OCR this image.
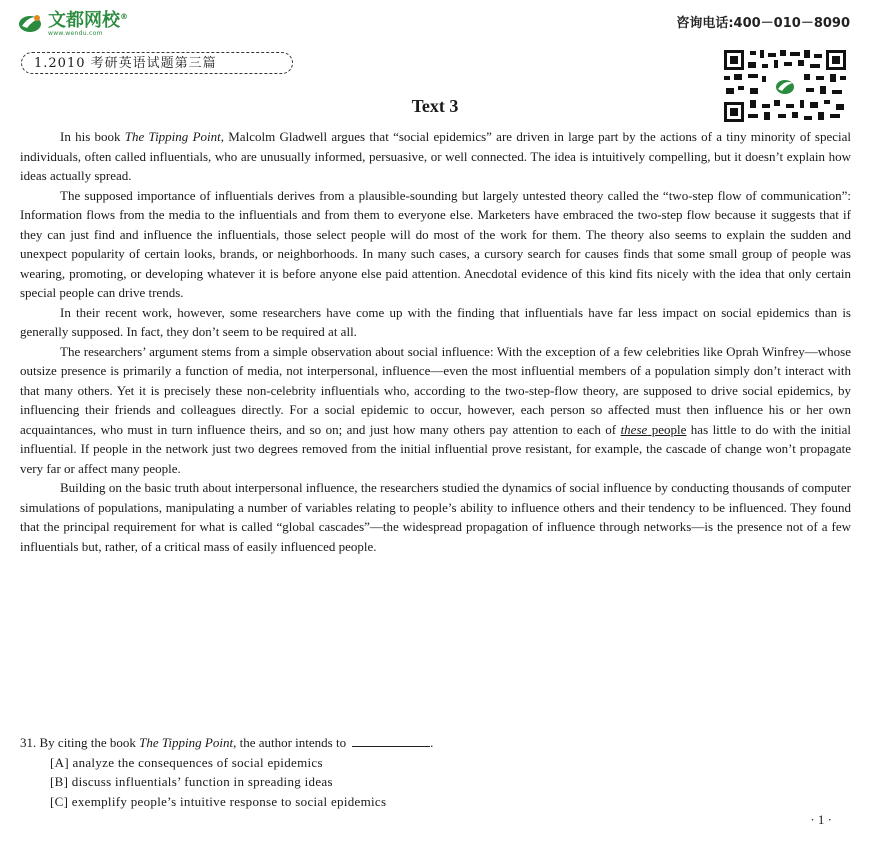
文都网校®
www.wendu.com
咨询电话:400－010－8090
1.2010 考研英语试题第三篇
Text 3

In his book The Tipping Point, Malcolm Gladwell argues that “social epidemics” are driven in large part by the actions of a tiny minority of special individuals, often called influentials, who are unusually informed, persuasive, or well connected. The idea is intuitively compelling, but it doesn’t explain how ideas actually spread.

The supposed importance of influentials derives from a plausible-sounding but largely untested theory called the “two-step flow of communication”: Information flows from the media to the influentials and from them to everyone else. Marketers have embraced the two-step flow because it suggests that if they can just find and influence the influentials, those select people will do most of the work for them. The theory also seems to explain the sudden and unexpect popularity of certain looks, brands, or neighborhoods. In many such cases, a cursory search for causes finds that some small group of people was wearing, promoting, or developing whatever it is before anyone else paid attention. Anecdotal evidence of this kind fits nicely with the idea that only certain special people can drive trends.

In their recent work, however, some researchers have come up with the finding that influentials have far less impact on social epidemics than is generally supposed. In fact, they don’t seem to be required at all.

The researchers’ argument stems from a simple observation about social influence: With the exception of a few celebrities like Oprah Winfrey—whose outsize presence is primarily a function of media, not interpersonal, influence—even the most influential members of a population simply don’t interact with that many others. Yet it is precisely these non-celebrity influentials who, according to the two-step-flow theory, are supposed to drive social epidemics, by influencing their friends and colleagues directly. For a social epidemic to occur, however, each person so affected must then influence his or her own acquaintances, who must in turn influence theirs, and so on; and just how many others pay attention to each of these people has little to do with the initial influential. If people in the network just two degrees removed from the initial influential prove resistant, for example, the cascade of change won’t propagate very far or affect many people.

Building on the basic truth about interpersonal influence, the researchers studied the dynamics of social influence by conducting thousands of computer simulations of populations, manipulating a number of variables relating to people’s ability to influence others and their tendency to be influenced. They found that the principal requirement for what is called “global cascades”—the widespread propagation of influence through networks—is the presence not of a few influentials but, rather, of a critical mass of easily influenced people.

31. By citing the book The Tipping Point, the author intends to	.
[A] analyze the consequences of social epidemics
[B] discuss influentials’ function in spreading ideas
[C] exemplify people’s intuitive response to social epidemics
· 1 ·
